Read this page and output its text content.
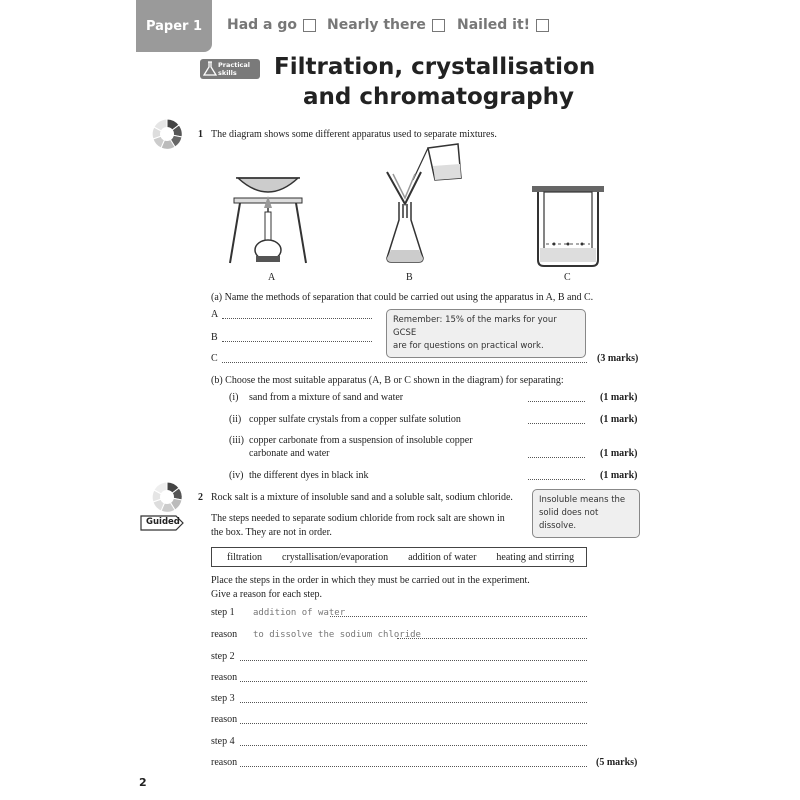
Paper 1	Had a go Nearly there Nailed it!
Practical
skills Filtration, crystallisation
and chromatography
1 The diagram shows some different apparatus used to separate mixtures.
A	B	C
(a) Name the methods of separation that could be carried out using the apparatus in A, B and C.
A
B
Remember: 15% of the marks for your GCSE
are for questions on practical work.
C	(3 marks)
(b) Choose the most suitable apparatus (A, B or C shown in the diagram) for separating:
(i) sand from a mixture of sand and water	(1 mark)
(ii) copper sulfate crystals from a copper sulfate solution	(1 mark)
(iii) copper carbonate from a suspension of insoluble copper
carbonate and water	(1 mark)
(iv) the different dyes in black ink	(1 mark)
Guided
2 Rock salt is a mixture of insoluble sand and a soluble salt, sodium chloride.	Insoluble means the
solid does not dissolve.
The steps needed to separate sodium chloride from rock salt are shown in
the box. They are not in order.
filtration crystallisation/evaporation addition of water heating and stirring
Place the steps in the order in which they must be carried out in the experiment.
Give a reason for each step.
step 1 addition of water
reason to dissolve the sodium chloride
step 2
reason
step 3
reason
step 4
reason	(5 marks)
2
